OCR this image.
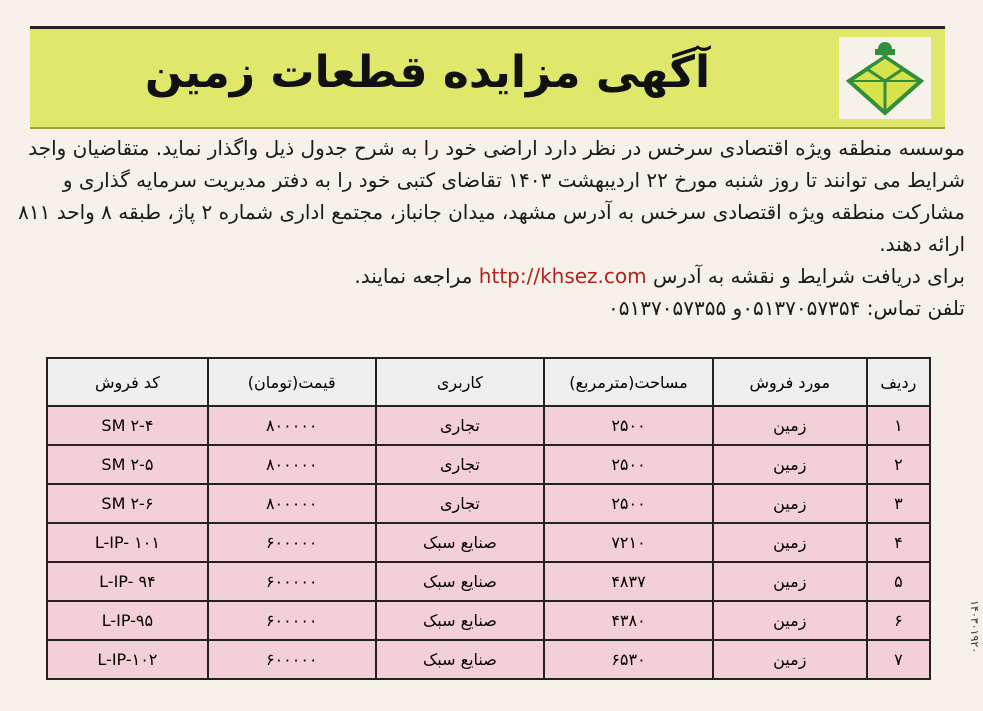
آگهی مزایده قطعات زمین

موسسه منطقه ویژه اقتصادی سرخس در نظر دارد اراضی خود را به شرح جدول ذیل واگذار نماید. متقاضیان واجد شرایط می توانند تا روز شنبه مورخ ۲۲ اردیبهشت ۱۴۰۳ تقاضای کتبی خود را به دفتر مدیریت سرمایه گذاری و مشارکت منطقه ویژه اقتصادی سرخس به آدرس مشهد، میدان جانباز، مجتمع اداری شماره ۲ پاژ، طبقه ۸ واحد ۸۱۱ ارائه دهند.

برای دریافت شرایط و نقشه به آدرس http://khsez.com مراجعه نمایند.

تلفن تماس: ۰۵۱۳۷۰۵۷۳۵۴و ۰۵۱۳۷۰۵۷۳۵۵

ردیف	مورد فروش	مساحت(مترمربع)	کاربری	قیمت(تومان)	کد فروش
۱	زمین	۲۵۰۰	تجاری	۸۰۰۰۰۰	SM ۲-۴
۲	زمین	۲۵۰۰	تجاری	۸۰۰۰۰۰	SM ۲-۵
۳	زمین	۲۵۰۰	تجاری	۸۰۰۰۰۰	SM ۲-۶
۴	زمین	۷۲۱۰	صنایع سبک	۶۰۰۰۰۰	L-IP- ۱۰۱
۵	زمین	۴۸۳۷	صنایع سبک	۶۰۰۰۰۰	L-IP- ۹۴
۶	زمین	۴۳۸۰	صنایع سبک	۶۰۰۰۰۰	L-IP-۹۵
۷	زمین	۶۵۳۰	صنایع سبک	۶۰۰۰۰۰	L-IP-۱۰۲
۱۴۰۳۰۱۹۲۰
